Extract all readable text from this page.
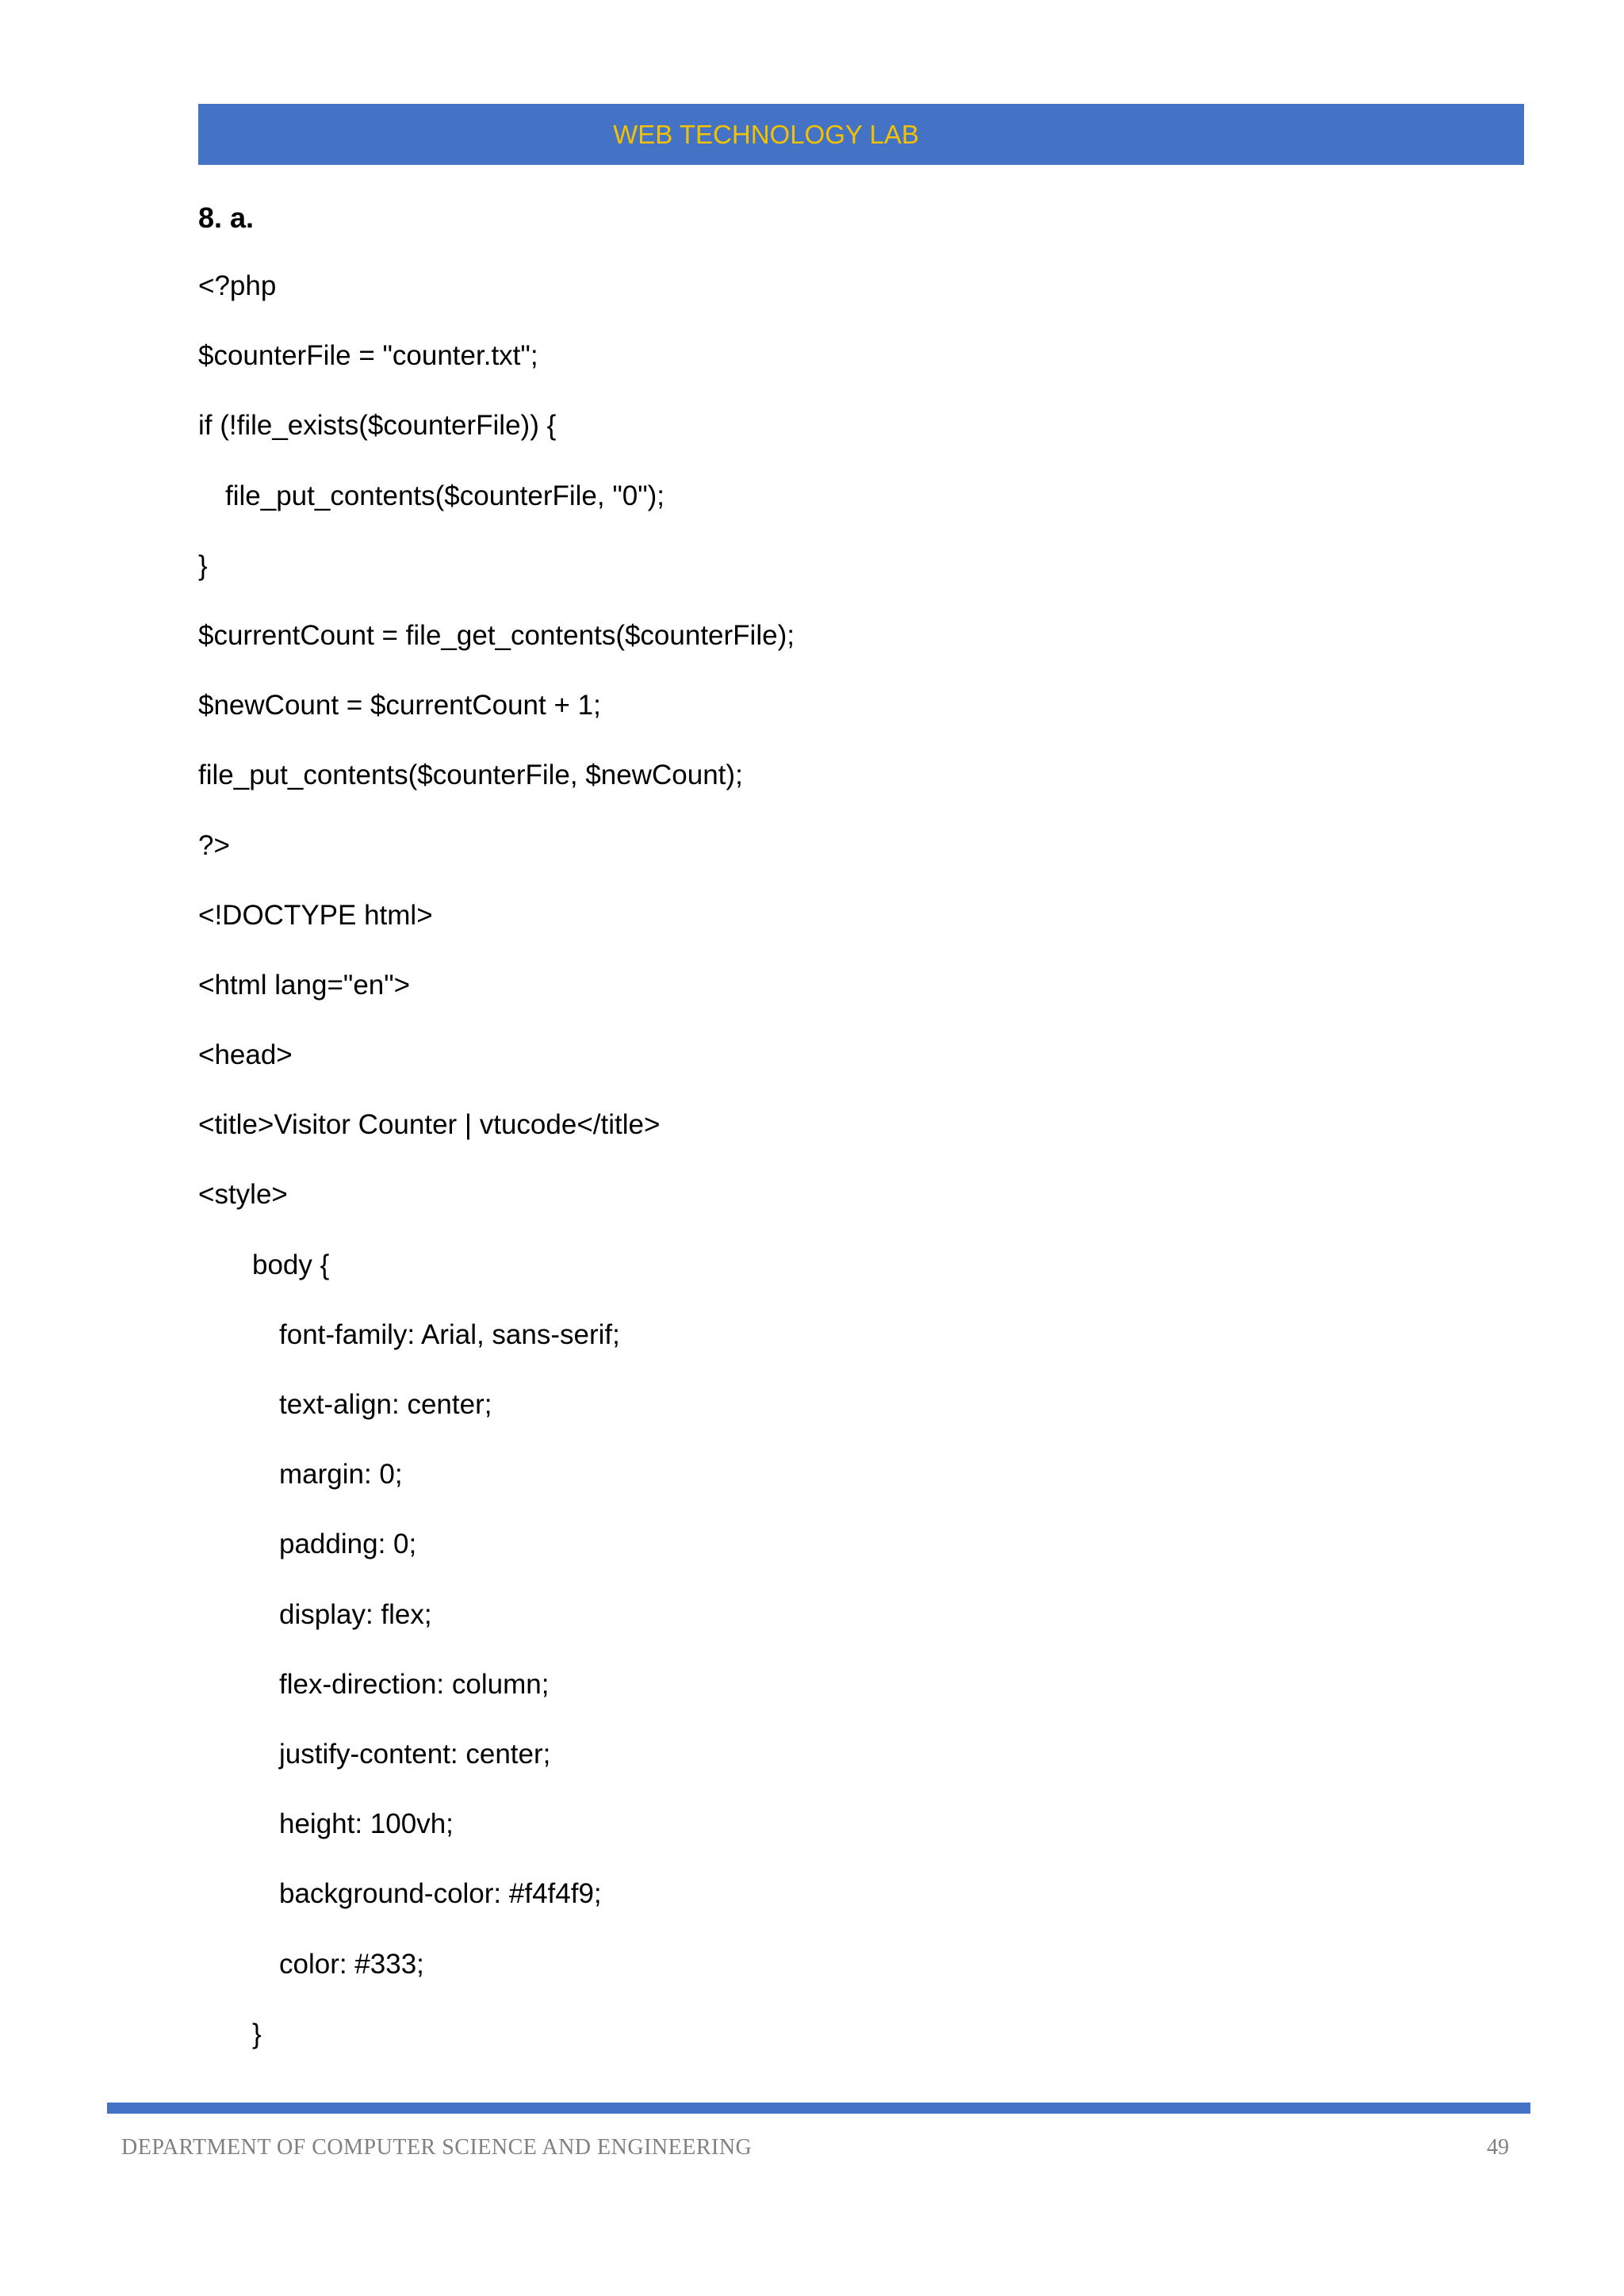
WEB TECHNOLOGY LAB
8. a.
<?php
$counterFile = "counter.txt";
if (!file_exists($counterFile)) {
file_put_contents($counterFile, "0");
}
$currentCount = file_get_contents($counterFile);
$newCount = $currentCount + 1;
file_put_contents($counterFile, $newCount);
?>
<!DOCTYPE html>
<html lang="en">
<head>
<title>Visitor Counter | vtucode</title>
<style>
body {
font-family: Arial, sans-serif;
text-align: center;
margin: 0;
padding: 0;
display: flex;
flex-direction: column;
justify-content: center;
height: 100vh;
background-color: #f4f4f9;
color: #333;
}
DEPARTMENT OF COMPUTER SCIENCE AND ENGINEERING	49
